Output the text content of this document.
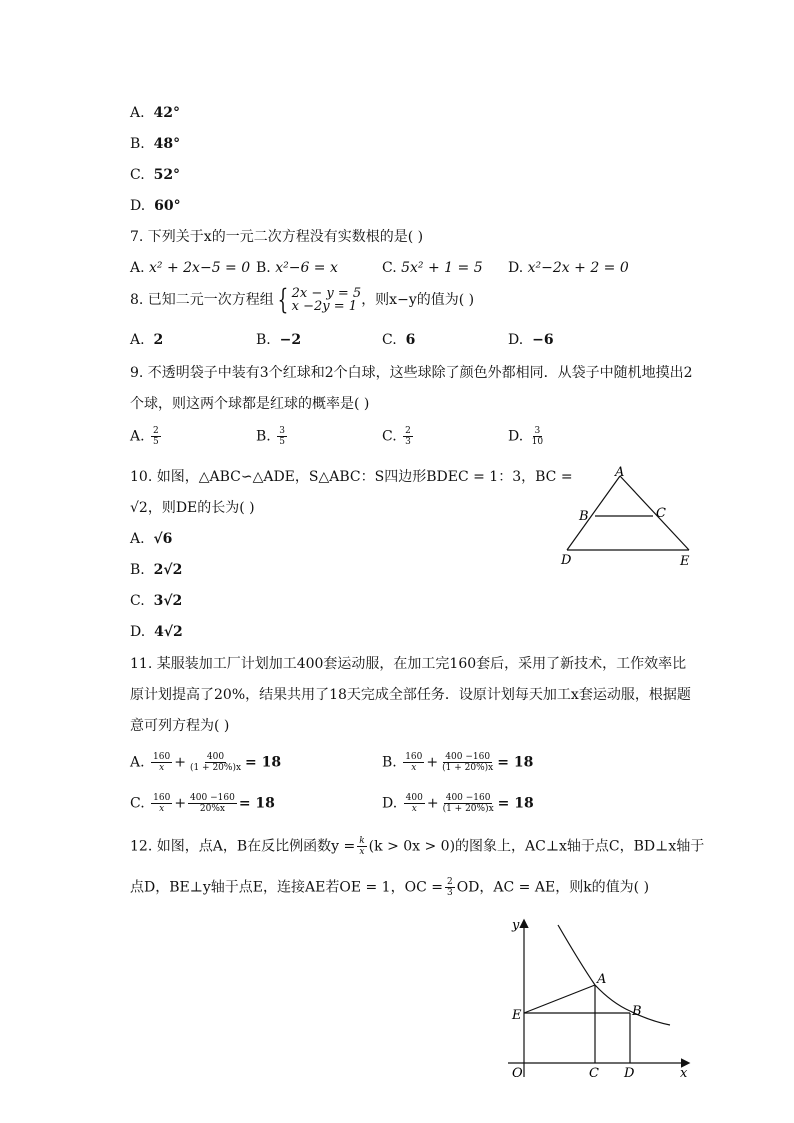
A. 42°
B. 48°
C. 52°
D. 60°
7. 下列关于x的一元二次方程没有实数根的是( )
A. x² + 2x−5 = 0 B. x²−6 = x	C. 5x² + 1 = 5 D. x²−2x + 2 = 0
8. 已知二元一次方程组 { 2x − y = 5
x −2y = 1 ，则x−y的值为( )
A. 2	B. −2	C. 6	D. −6
9. 不透明袋子中装有3个红球和2个白球，这些球除了颜色外都相同．从袋子中随机地摸出2
个球，则这两个球都是红球的概率是( )
A. $\frac{2}{5}$	B. $\frac{3}{5}$	C. $\frac{2}{3}$	D. $\frac{3}{10}$
10. 如图，△ABC∽△ADE，S△ABC：S四边形BDEC = 1：3，BC =
√2，则DE的长为( )
A. √6
B. 2√2
C. 3√2
D. 4√2
A
B	C
D	E
11. 某服装加工厂计划加工400套运动服，在加工完160套后，采用了新技术，工作效率比
原计划提高了20%，结果共用了18天完成全部任务．设原计划每天加工x套运动服，根据题
意可列方程为( )
A. $\frac{160}{x} + \frac{400}{(1 + 20\%)x} = 18$	B. $\frac{160}{x} + \frac{400 -160}{(1 + 20\%)x} = 18$
C. $\frac{160}{x} + \frac{400 -160}{20\%x} = 18$	D. $\frac{400}{x} + \frac{400 -160}{(1 + 20\%)x} = 18$
12. 如图，点A，B在反比例函数$y = \frac{k}{x} (k > 0x > 0)$的图象上，AC⊥x轴于点C，BD⊥x轴于
点D，BE⊥y轴于点E，连接AE若OE = 1，OC = $\frac{2}{3}$ OD，AC = AE，则k的值为( )
y
x
O
A
B
C D
E
